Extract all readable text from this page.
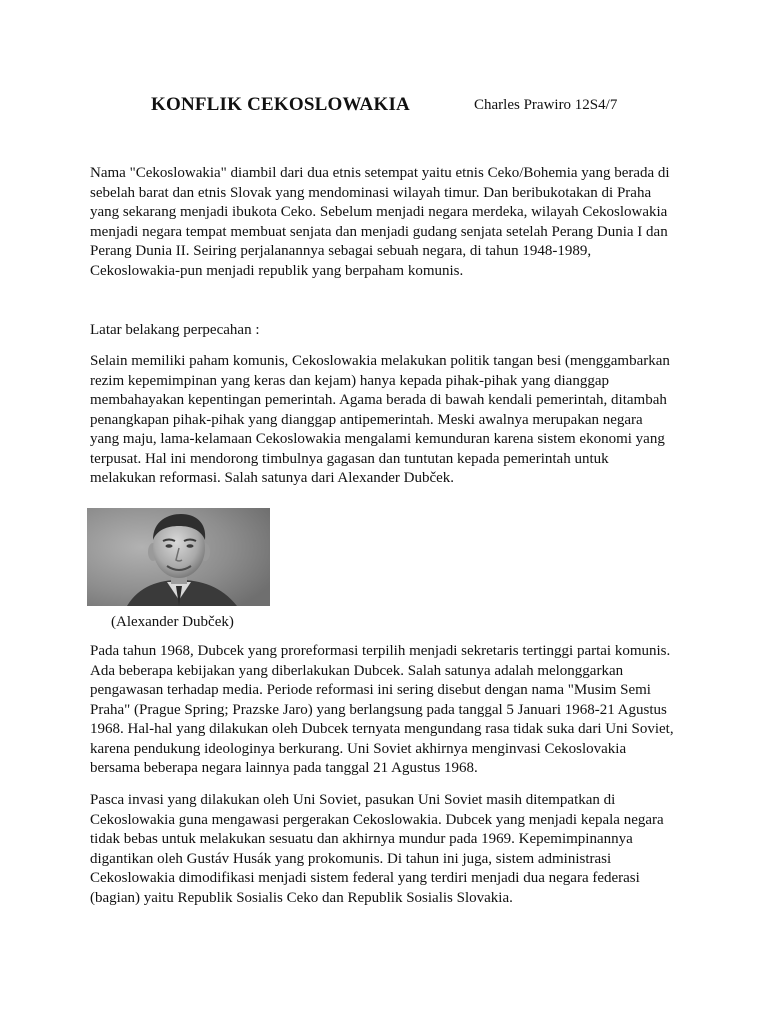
KONFLIK CEKOSLOWAKIA	Charles Prawiro 12S4/7
Nama "Cekoslowakia" diambil dari dua etnis setempat yaitu etnis Ceko/Bohemia yang berada di
sebelah barat dan etnis Slovak yang mendominasi wilayah timur. Dan beribukotakan di Praha
yang sekarang menjadi ibukota Ceko. Sebelum menjadi negara merdeka, wilayah Cekoslowakia
menjadi negara tempat membuat senjata dan menjadi gudang senjata setelah Perang Dunia I dan
Perang Dunia II. Seiring perjalanannya sebagai sebuah negara, di tahun 1948-1989,
Cekoslowakia-pun menjadi republik yang berpaham komunis.
Latar belakang perpecahan :
Selain memiliki paham komunis, Cekoslowakia melakukan politik tangan besi (menggambarkan
rezim kepemimpinan yang keras dan kejam) hanya kepada pihak-pihak yang dianggap
membahayakan kepentingan pemerintah. Agama berada di bawah kendali pemerintah, ditambah
penangkapan pihak-pihak yang dianggap antipemerintah. Meski awalnya merupakan negara
yang maju, lama-kelamaan Cekoslowakia mengalami kemunduran karena sistem ekonomi yang
terpusat. Hal ini mendorong timbulnya gagasan dan tuntutan kepada pemerintah untuk
melakukan reformasi. Salah satunya dari Alexander Dubček.
(Alexander Dubček)
Pada tahun 1968, Dubcek yang proreformasi terpilih menjadi sekretaris tertinggi partai komunis.
Ada beberapa kebijakan yang diberlakukan Dubcek. Salah satunya adalah melonggarkan
pengawasan terhadap media. Periode reformasi ini sering disebut dengan nama "Musim Semi
Praha" (Prague Spring; Prazske Jaro) yang berlangsung pada tanggal 5 Januari 1968-21 Agustus
1968. Hal-hal yang dilakukan oleh Dubcek ternyata mengundang rasa tidak suka dari Uni Soviet,
karena pendukung ideologinya berkurang. Uni Soviet akhirnya menginvasi Cekoslovakia
bersama beberapa negara lainnya pada tanggal 21 Agustus 1968.
Pasca invasi yang dilakukan oleh Uni Soviet, pasukan Uni Soviet masih ditempatkan di
Cekoslowakia guna mengawasi pergerakan Cekoslowakia. Dubcek yang menjadi kepala negara
tidak bebas untuk melakukan sesuatu dan akhirnya mundur pada 1969. Kepemimpinannya
digantikan oleh Gustáv Husák yang prokomunis. Di tahun ini juga, sistem administrasi
Cekoslowakia dimodifikasi menjadi sistem federal yang terdiri menjadi dua negara federasi
(bagian) yaitu Republik Sosialis Ceko dan Republik Sosialis Slovakia.
